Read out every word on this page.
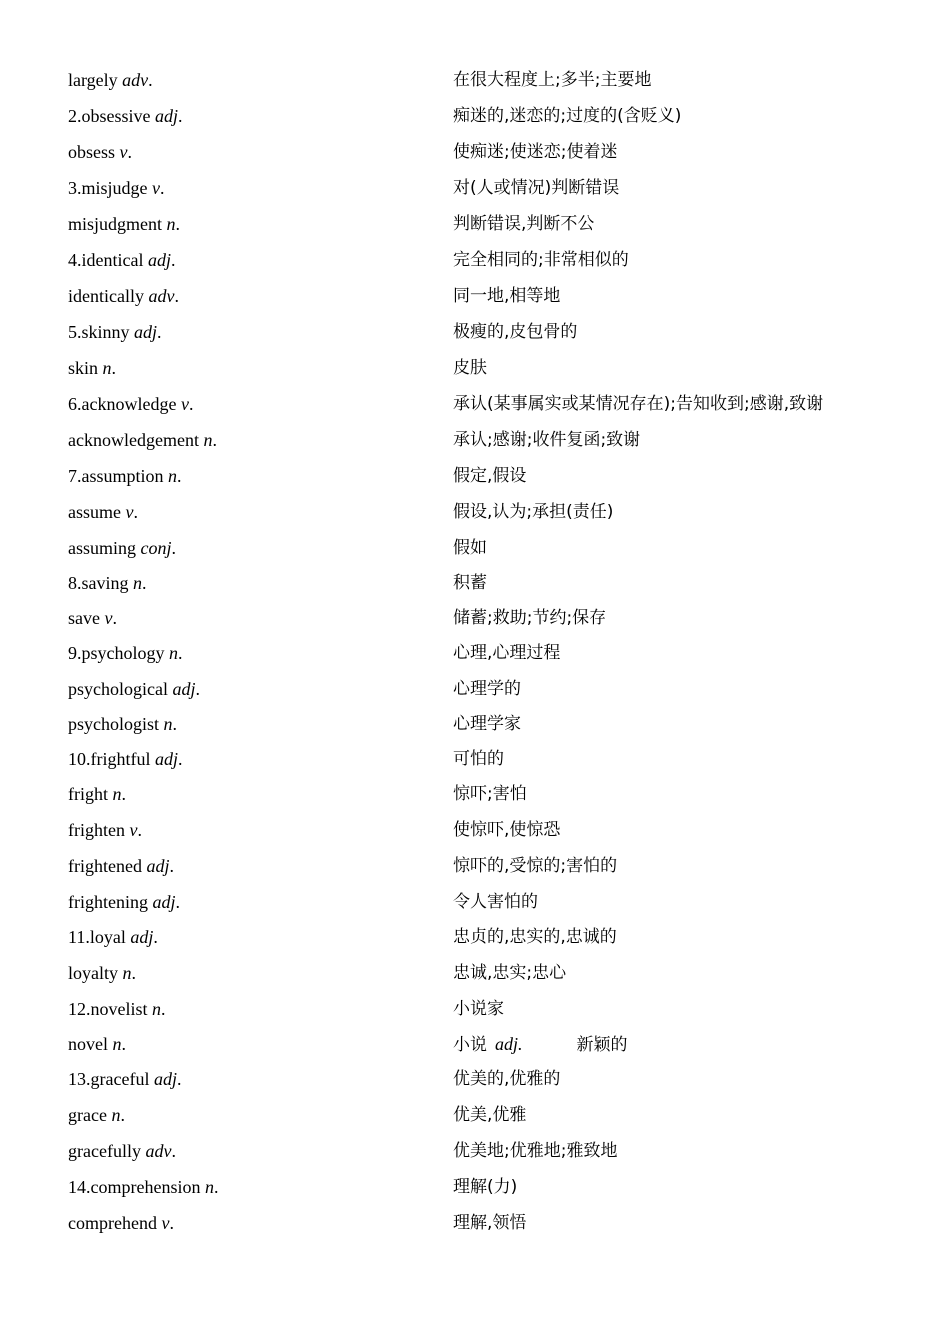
largely adv.	在很大程度上;多半;主要地
2.obsessive adj.	痴迷的,迷恋的;过度的(含贬义)
obsess v.	使痴迷;使迷恋;使着迷
3.misjudge v.	对(人或情况)判断错误
misjudgment n.	判断错误,判断不公
4.identical adj.	完全相同的;非常相似的
identically adv.	同一地,相等地
5.skinny adj.	极瘦的,皮包骨的
skin n.	皮肤
6.acknowledge v.	承认(某事属实或某情况存在);告知收到;感谢,致谢
acknowledgement n.	承认;感谢;收件复函;致谢
7.assumption n.	假定,假设
assume v.	假设,认为;承担(责任)
assuming conj.	假如
8.saving n.	积蓄
save v.	储蓄;救助;节约;保存
9.psychology n.	心理,心理过程
psychological adj.	心理学的
psychologist n.	心理学家
10.frightful adj.	可怕的
fright n.	惊吓;害怕
frighten v.	使惊吓,使惊恐
frightened adj.	惊吓的,受惊的;害怕的
frightening adj.	令人害怕的
11.loyal adj.	忠贞的,忠实的,忠诚的
loyalty n.	忠诚,忠实;忠心
12.novelist n.	小说家
novel n.	小说 adj.	新颖的
13.graceful adj.	优美的,优雅的
grace n.	优美,优雅
gracefully adv.	优美地;优雅地;雅致地
14.comprehension n.	理解(力)
comprehend v.	理解,领悟
